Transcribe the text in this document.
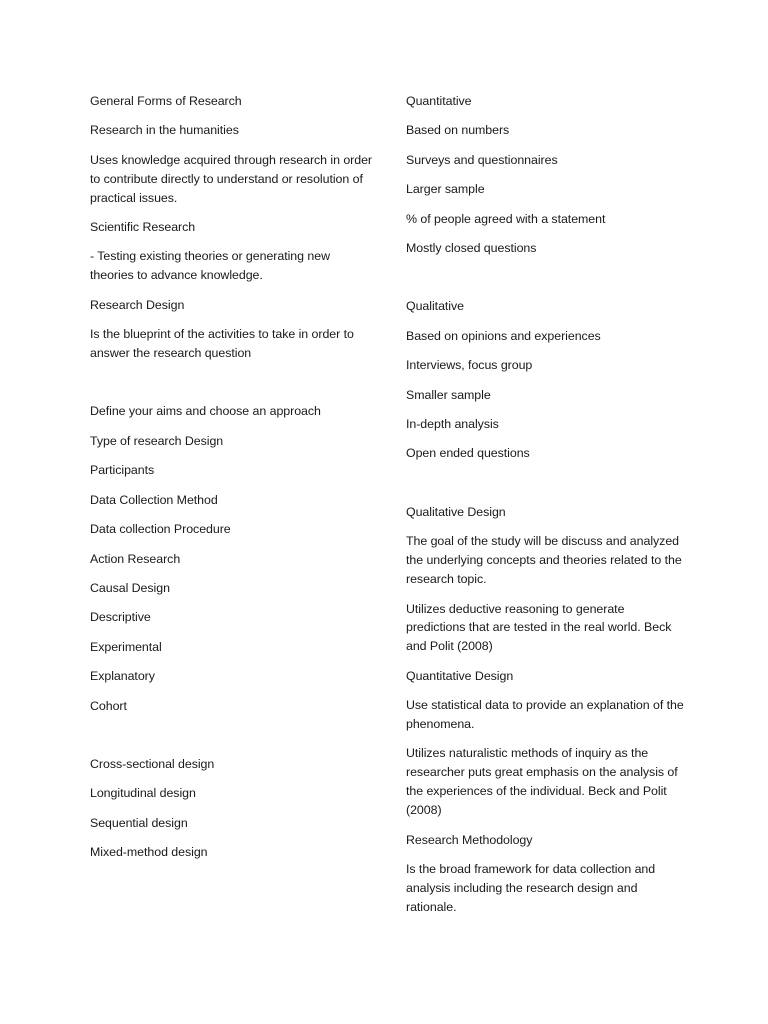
General Forms of Research

Research in the humanities

Uses knowledge acquired through research in order to contribute directly to understand or resolution of practical issues.

Scientific Research

- Testing existing theories or generating new theories to advance knowledge.

Research Design

Is the blueprint of the activities to take in order to answer the research question

Define your aims and choose an approach

Type of research Design

Participants

Data Collection Method

Data collection Procedure

Action Research

Causal Design

Descriptive

Experimental

Explanatory

Cohort

Cross-sectional design

Longitudinal design

Sequential design

Mixed-method design

Quantitative

Based on numbers

Surveys and questionnaires

Larger sample

% of people agreed with a statement

Mostly closed questions

Qualitative

Based on opinions and experiences

Interviews, focus group

Smaller sample

In-depth analysis

Open ended questions

Qualitative Design

The goal of the study will be discuss and analyzed the underlying concepts and theories related to the research topic.

Utilizes deductive reasoning to generate predictions that are tested in the real world. Beck and Polit (2008)

Quantitative Design

Use statistical data to provide an explanation of the phenomena.

Utilizes naturalistic methods of inquiry as the researcher puts great emphasis on the analysis of the experiences of the individual. Beck and Polit (2008)

Research Methodology

Is the broad framework for data collection and analysis including the research design and rationale.
